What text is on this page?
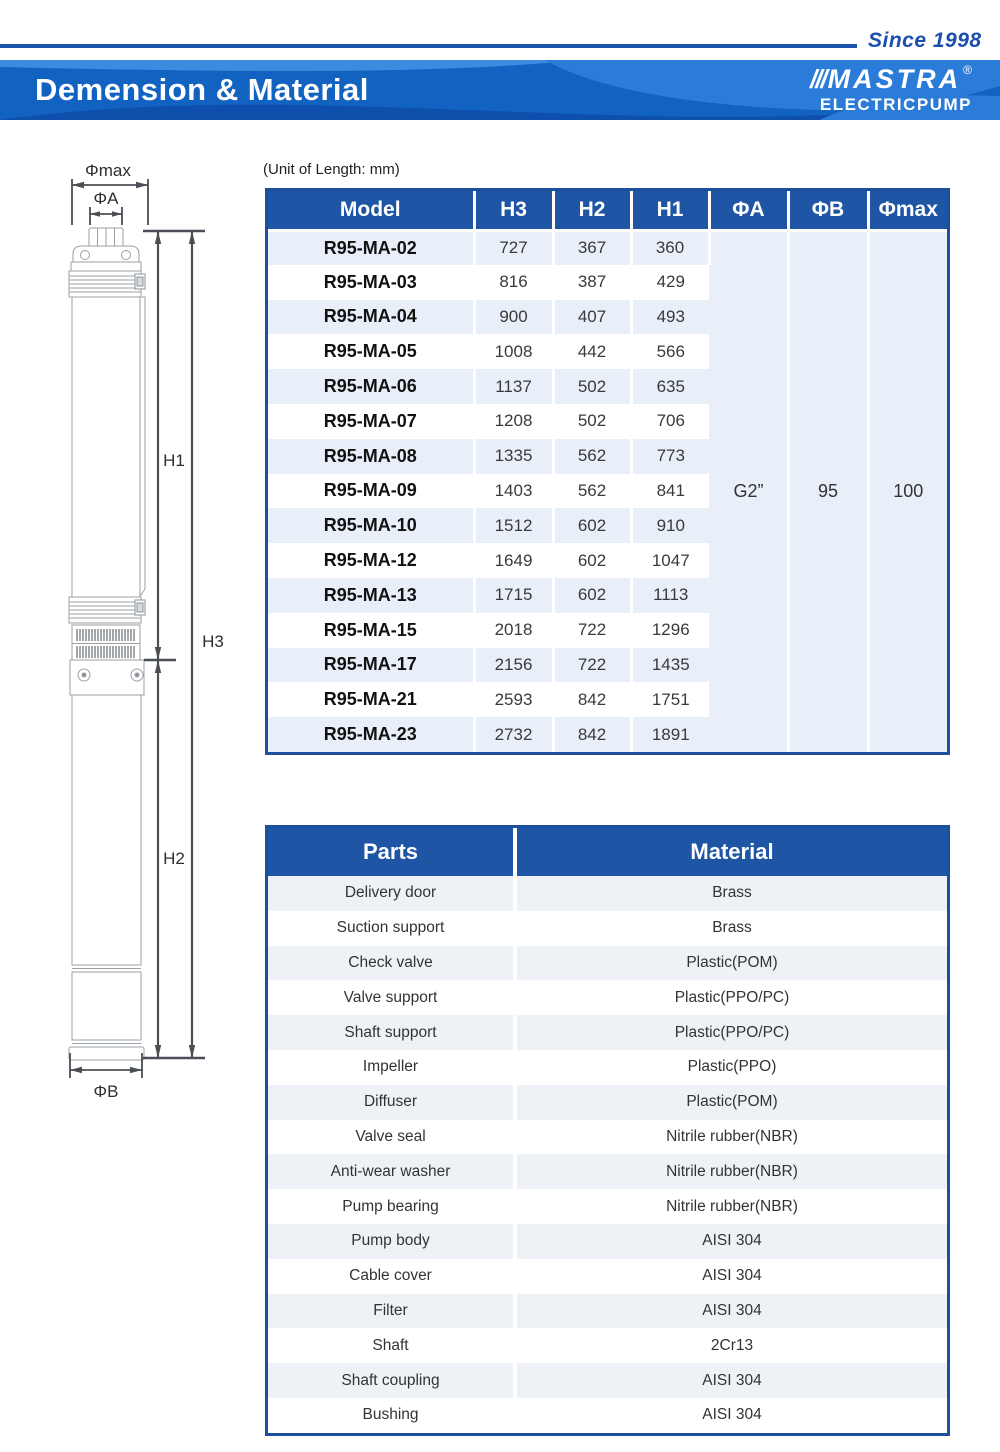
Since 1998
Demension & Material	/// MASTRA ®
ELECTRICPUMP
(Unit of Length: mm)
Φmax
ΦA
H1
H3
H2
ΦB
Model	H3	H2	H1	ΦA	ΦB	Φmax
R95-MA-02	727	367	360	G2”	95	100
R95-MA-03	816	387	429			
R95-MA-04	900	407	493			
R95-MA-05	1008	442	566			
R95-MA-06	1137	502	635			
R95-MA-07	1208	502	706			
R95-MA-08	1335	562	773			
R95-MA-09	1403	562	841			
R95-MA-10	1512	602	910			
R95-MA-12	1649	602	1047			
R95-MA-13	1715	602	1113			
R95-MA-15	2018	722	1296			
R95-MA-17	2156	722	1435			
R95-MA-21	2593	842	1751			
R95-MA-23	2732	842	1891			
Parts	Material
Delivery door	Brass
Suction support	Brass
Check valve	Plastic(POM)
Valve support	Plastic(PPO/PC)
Shaft support	Plastic(PPO/PC)
Impeller	Plastic(PPO)
Diffuser	Plastic(POM)
Valve seal	Nitrile rubber(NBR)
Anti-wear washer	Nitrile rubber(NBR)
Pump bearing	Nitrile rubber(NBR)
Pump body	AISI 304
Cable cover	AISI 304
Filter	AISI 304
Shaft	2Cr13
Shaft coupling	AISI 304
Bushing	AISI 304
